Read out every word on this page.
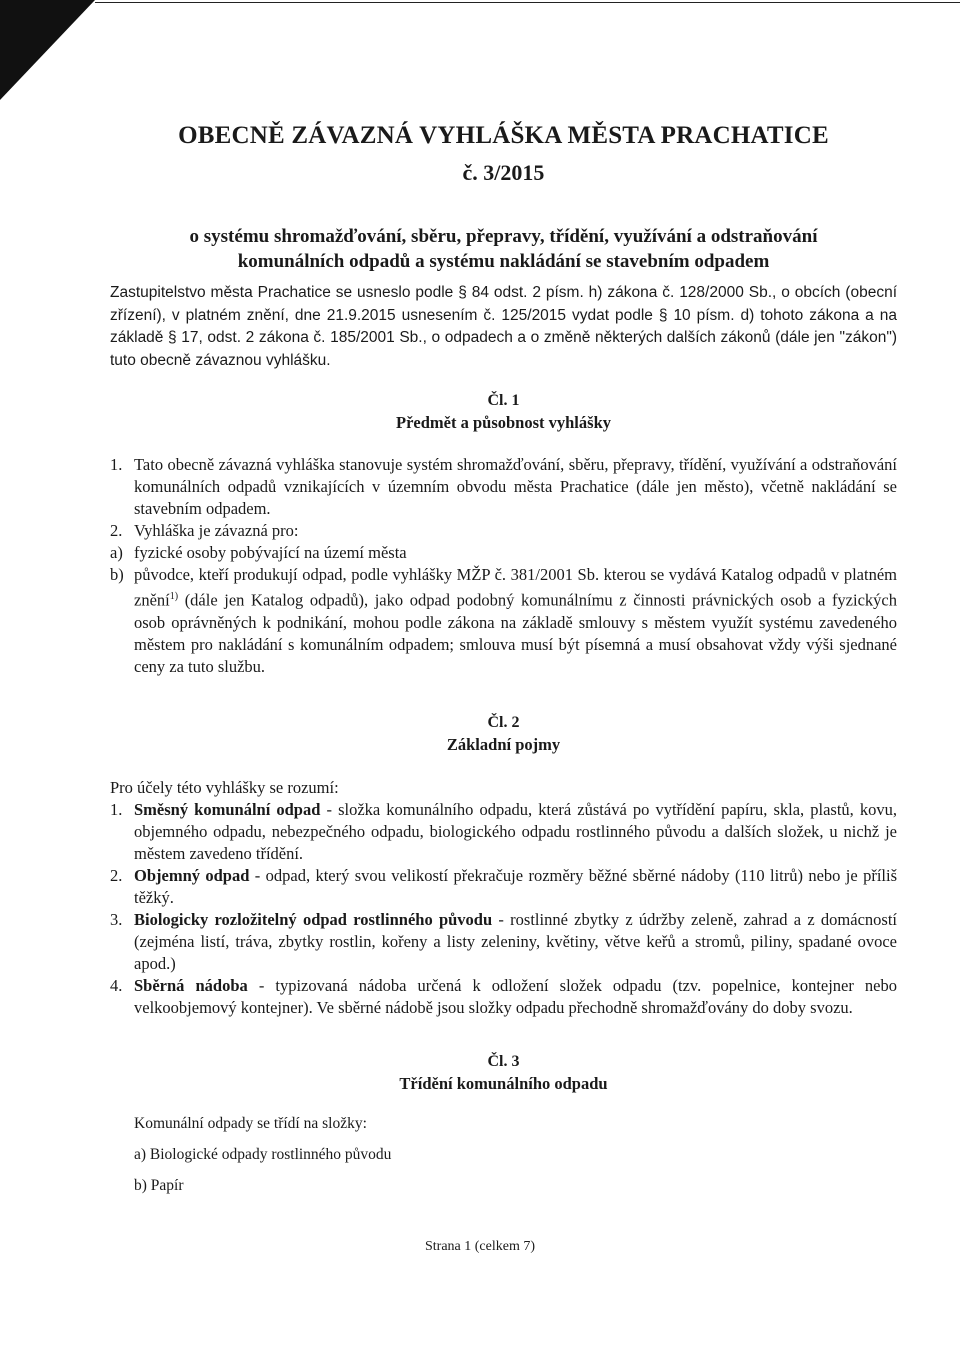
OBECNĚ ZÁVAZNÁ VYHLÁŠKA MĚSTA PRACHATICE
č. 3/2015
o systému shromažďování, sběru, přepravy, třídění, využívání a odstraňování
komunálních odpadů a systému nakládání se stavebním odpadem

Zastupitelstvo města Prachatice se usneslo podle § 84 odst. 2 písm. h) zákona č. 128/2000 Sb., o obcích (obecní zřízení), v platném znění, dne 21.9.2015 usnesením č. 125/2015 vydat podle § 10 písm. d) tohoto zákona a na základě § 17, odst. 2 zákona č. 185/2001 Sb., o odpadech a o změně některých dalších zákonů (dále jen "zákon") tuto obecně závaznou vyhlášku.

Čl. 1

Předmět a působnost vyhlášky

1. Tato obecně závazná vyhláška stanovuje systém shromažďování, sběru, přepravy, třídění, využívání a odstraňování komunálních odpadů vznikajících v územním obvodu města Prachatice (dále jen město), včetně nakládání se stavebním odpadem.
2. Vyhláška je závazná pro:
a) fyzické osoby pobývající na území města
b) původce, kteří produkují odpad, podle vyhlášky MŽP č. 381/2001 Sb. kterou se vydává Katalog odpadů v platném znění$^{1)}$ (dále jen Katalog odpadů), jako odpad podobný komunálnímu z činnosti právnických osob a fyzických osob oprávněných k podnikání, mohou podle zákona na základě smlouvy s městem využít systému zavedeného městem pro nakládání s komunálním odpadem; smlouva musí být písemná a musí obsahovat vždy výši sjednané ceny za tuto službu.

Čl. 2

Základní pojmy

Pro účely této vyhlášky se rozumí:

1. Směsný komunální odpad - složka komunálního odpadu, která zůstává po vytřídění papíru, skla, plastů, kovu, objemného odpadu, nebezpečného odpadu, biologického odpadu rostlinného původu a dalších složek, u nichž je městem zavedeno třídění.
2. Objemný odpad - odpad, který svou velikostí překračuje rozměry běžné sběrné nádoby (110 litrů) nebo je příliš těžký.
3. Biologicky rozložitelný odpad rostlinného původu - rostlinné zbytky z údržby zeleně, zahrad a z domácností (zejména listí, tráva, zbytky rostlin, kořeny a listy zeleniny, květiny, větve keřů a stromů, piliny, spadané ovoce apod.)
4. Sběrná nádoba - typizovaná nádoba určená k odložení složek odpadu (tzv. popelnice, kontejner nebo velkoobjemový kontejner). Ve sběrné nádobě jsou složky odpadu přechodně shromažďovány do doby svozu.

Čl. 3

Třídění komunálního odpadu

Komunální odpady se třídí na složky:

a) Biologické odpady rostlinného původu

b) Papír

Strana 1 (celkem 7)
